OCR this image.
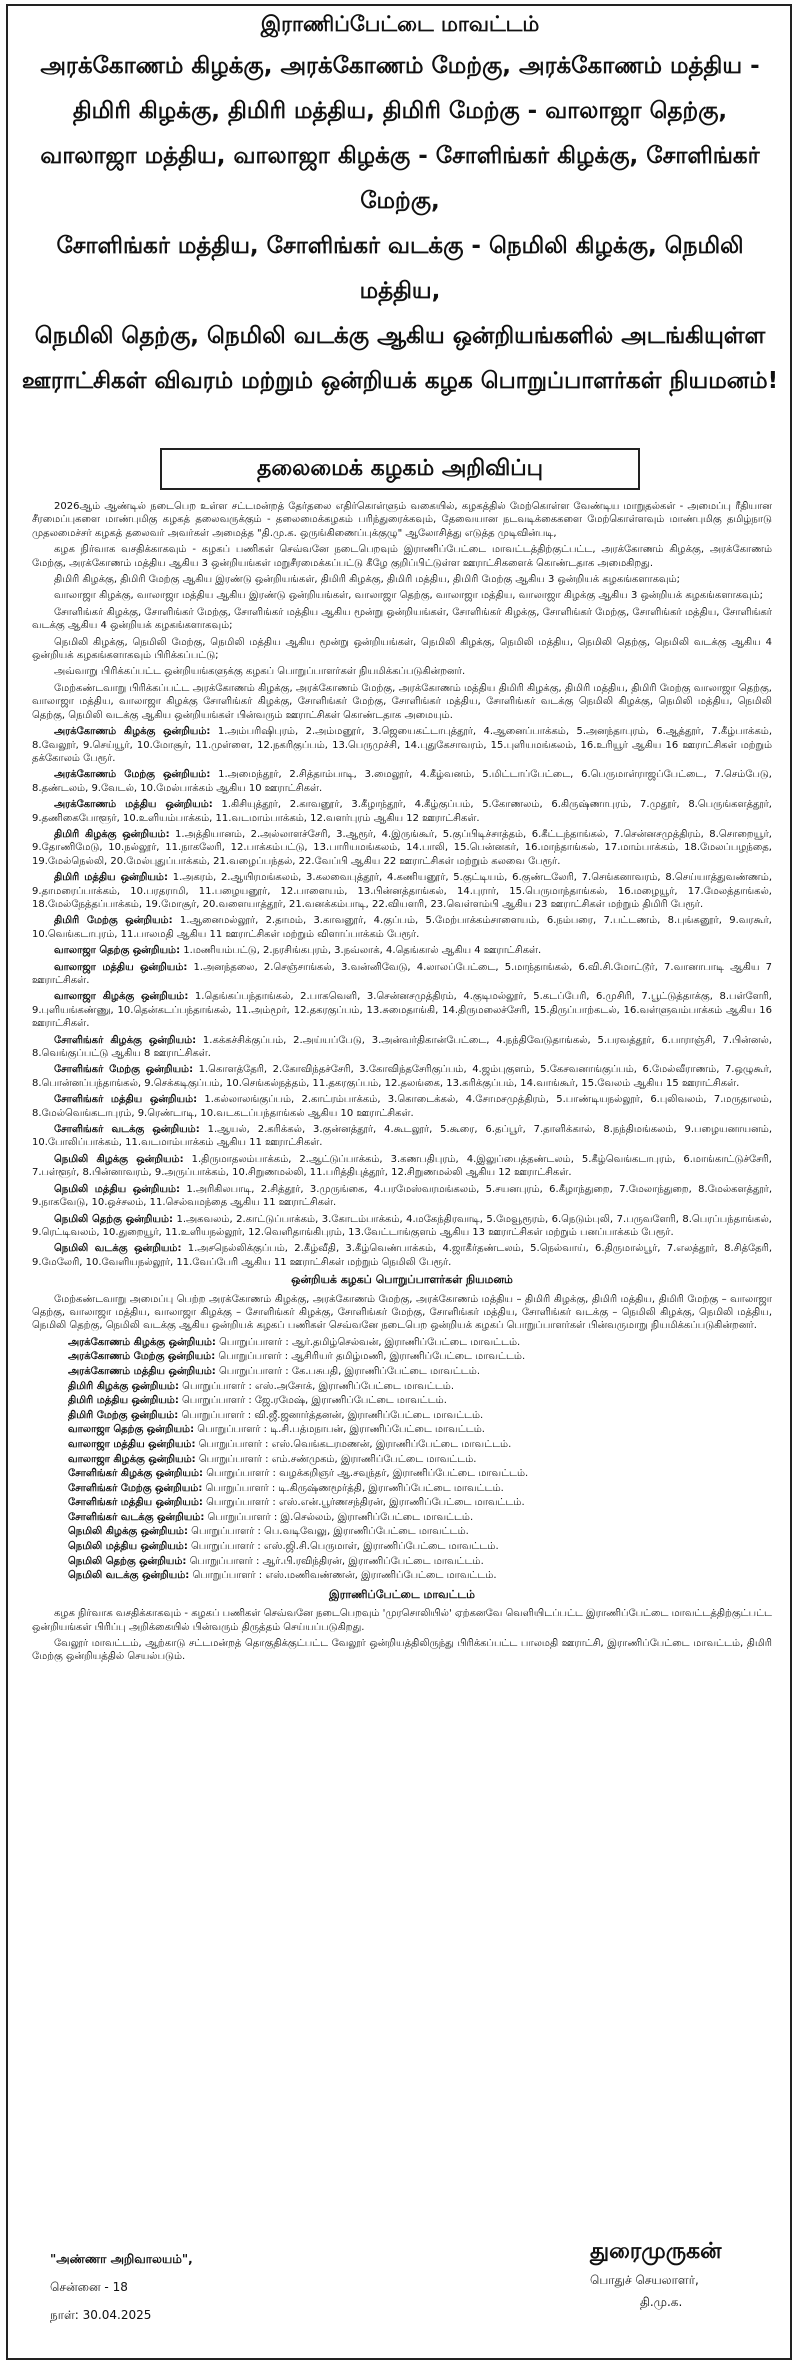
இராணிப்பேட்டை மாவட்டம்
அரக்கோணம் கிழக்கு, அரக்கோணம் மேற்கு, அரக்கோணம் மத்திய -
திமிரி கிழக்கு, திமிரி மத்திய, திமிரி மேற்கு - வாலாஜா தெற்கு,
வாலாஜா மத்திய, வாலாஜா கிழக்கு - சோளிங்கர் கிழக்கு, சோளிங்கர் மேற்கு,
சோளிங்கர் மத்திய, சோளிங்கர் வடக்கு - நெமிலி கிழக்கு, நெமிலி மத்திய,
நெமிலி தெற்கு, நெமிலி வடக்கு ஆகிய ஒன்றியங்களில் அடங்கியுள்ள
ஊராட்சிகள் விவரம் மற்றும் ஒன்றியக் கழக பொறுப்பாளர்கள் நியமனம்!
தலைமைக் கழகம் அறிவிப்பு

2026ஆம் ஆண்டில் நடைபெற உள்ள சட்டமன்றத் தேர்தலை எதிர்கொள்ளும் வகையில், கழகத்தில் மேற்கொள்ள வேண்டிய மாறுதல்கள் - அமைப்பு ரீதியான சீரமைப்புகளை மாண்புமிகு கழகத் தலைவருக்கும் - தலைமைக்கழகம் பரிந்துரைக்கவும், தேவையான நடவடிக்கைகளை மேற்கொள்ளவும் மாண்புமிகு தமிழ்நாடு முதலமைச்சர் கழகத் தலைவர் அவர்கள் அமைத்த "தி.மு.க. ஒருங்கிணைப்புக்குழு" ஆலோசித்து எடுத்த முடிவின்படி,

கழக நிர்வாக வசதிக்காகவும் - கழகப் பணிகள் செவ்வனே நடைபெறவும் இராணிப்பேட்டை மாவட்டத்திற்குட்பட்ட, அரக்கோணம் கிழக்கு, அரக்கோணம் மேற்கு, அரக்கோணம் மத்திய ஆகிய 3 ஒன்றியங்கள் மறுசீரமைக்கப்பட்டு கீழே குறிப்பிட்டுள்ள ஊராட்சிகளைக் கொண்டதாக அமைகிறது.

திமிரி கிழக்கு, திமிரி மேற்கு ஆகிய இரண்டு ஒன்றியங்கள், திமிரி கிழக்கு, திமிரி மத்திய, திமிரி மேற்கு ஆகிய 3 ஒன்றியக் கழகங்களாகவும்;

வாலாஜா கிழக்கு, வாலாஜா மத்திய ஆகிய இரண்டு ஒன்றியங்கள், வாலாஜா தெற்கு, வாலாஜா மத்திய, வாலாஜா கிழக்கு ஆகிய 3 ஒன்றியக் கழகங்களாகவும்;

சோளிங்கர் கிழக்கு, சோளிங்கர் மேற்கு, சோளிங்கர் மத்திய ஆகிய மூன்று ஒன்றியங்கள், சோளிங்கர் கிழக்கு, சோளிங்கர் மேற்கு, சோளிங்கர் மத்திய, சோளிங்கர் வடக்கு ஆகிய 4 ஒன்றியக் கழகங்களாகவும்;

நெமிலி கிழக்கு, நெமிலி மேற்கு, நெமிலி மத்திய ஆகிய மூன்று ஒன்றியங்கள், நெமிலி கிழக்கு, நெமிலி மத்திய, நெமிலி தெற்கு, நெமிலி வடக்கு ஆகிய 4 ஒன்றியக் கழகங்களாகவும் பிரிக்கப்பட்டு;

அவ்வாறு பிரிக்கப்பட்ட ஒன்றியங்களுக்கு கழகப் பொறுப்பாளர்கள் நியமிக்கப்படுகின்றனர்.

மேற்கண்டவாறு பிரிக்கப்பட்ட அரக்கோணம் கிழக்கு, அரக்கோணம் மேற்கு, அரக்கோணம் மத்திய திமிரி கிழக்கு, திமிரி மத்திய, திமிரி மேற்கு வாலாஜா தெற்கு, வாலாஜா மத்திய, வாலாஜா கிழக்கு சோளிங்கர் கிழக்கு, சோளிங்கர் மேற்கு, சோளிங்கர் மத்திய, சோளிங்கர் வடக்கு நெமிலி கிழக்கு, நெமிலி மத்திய, நெமிலி தெற்கு, நெமிலி வடக்கு ஆகிய ஒன்றியங்கள் பின்வரும் ஊராட்சிகள் கொண்டதாக அமையும்.

அரக்கோணம் கிழக்கு ஒன்றியம்: 1.அம்பரிஷிபுரம், 2.அம்மனூர், 3.ஜெயைகட்டாபுத்தூர், 4.ஆனைப்பாக்கம், 5.அனந்தாபுரம், 6.ஆத்தூர், 7.கீழ்பாக்கம், 8.வேலூர், 9.செய்யூர், 10.மோசூர், 11.முள்ளை, 12.நகரிகுப்பம், 13.பெருமுச்சி, 14.புதுகேசாவரம், 15.புளியமங்கலம், 16.உரியூர் ஆகிய 16 ஊராட்சிகள் மற்றும் தக்கோலம் பேரூர்.
அரக்கோணம் மேற்கு ஒன்றியம்: 1.அமைந்தூர், 2.சித்தாம்பாடி, 3.மைலூர், 4.கீழ்வனம், 5.மிட்டாப்பேட்டை, 6.பெருமாள்ராஜப்பேட்டை, 7.செம்பேடு, 8.தண்டலம், 9.வேடல், 10.மேல்பாக்கம் ஆகிய 10 ஊராட்சிகள்.
அரக்கோணம் மத்திய ஒன்றியம்: 1.கிசியுத்தூர், 2.காவனூர், 3.கீழாந்தூர், 4.கீழ்குப்பம், 5.கோணலம், 6.கிருஷ்ணாபுரம், 7.முதூர், 8.பெருங்களத்தூர், 9.தணிகைபோளூர், 10.உளியம்பாக்கம், 11.வடமாம்பாக்கம், 12.வளர்புரம் ஆகிய 12 ஊராட்சிகள்.
திமிரி கிழக்கு ஒன்றியம்: 1.அத்தியானம், 2.அல்லாளச்சேரி, 3.ஆரூர், 4.இருங்கூர், 5.குப்பிடிச்சாத்தம், 6.கீட்டந்தாங்கல், 7.சென்னசமுத்திரம், 8.சொறையூர், 9.தோணிமேடு, 10.நல்லூர், 11.நாகலேரி, 12.பாக்கம்பட்டு, 13.பாரியமங்கலம், 14.பாலி, 15.பென்னகர், 16.மாந்தாங்கல், 17.மாம்பாக்கம், 18.மேலப்பழந்தை, 19.மேல்நெல்லி, 20.மேல்புதுப்பாக்கம், 21.வழைப்பந்தல், 22.வேப்பி ஆகிய 22 ஊராட்சிகள் மற்றும் கலவை பேரூர்.
திமிரி மத்திய ஒன்றியம்: 1.அகரம், 2.ஆயிரமங்கலம், 3.கலவைபுத்தூர், 4.கணியனூர், 5.குட்டியம், 6.குண்டலேரி, 7.செங்கனாவரம், 8.செய்யாத்துவண்ணம், 9.தாமரைப்பாக்கம், 10.பரதராமி, 11.பழையனூர், 12.பாளையம், 13.பின்னத்தாங்கல், 14.புரார், 15.பெருமாந்தாங்கல், 16.மழையூர், 17.மேலத்தாங்கல், 18.மேல்நேத்தப்பாக்கம், 19.மோசூர், 20.வளையாத்தூர், 21.வனக்கம்பாடி, 22.வியளரி, 23.வெள்ளம்பி ஆகிய 23 ஊராட்சிகள் மற்றும் திமிரி பேரூர்.
திமிரி மேற்கு ஒன்றியம்: 1.ஆனைமல்லூர், 2.தாமம், 3.காவனூர், 4.குப்பம், 5.மேற்பாக்கம்சாளையம், 6.நம்பரை, 7.பட்டணம், 8.புங்கனூர், 9.வரகூர், 10.வெங்கடாபுரம், 11.பாலமதி ஆகிய 11 ஊராட்சிகள் மற்றும் விளாப்பாக்கம் பேரூர்.
வாலாஜா தெற்கு ஒன்றியம்: 1.மணியம்பட்டு, 2.நரசிங்கபுரம், 3.நவ்லாக், 4.தெங்கால் ஆகிய 4 ஊராட்சிகள்.
வாலாஜா மத்திய ஒன்றியம்: 1.அனந்தலை, 2.செஞ்சாங்கல், 3.வன்னிவேடு, 4.லாலப்பேட்டை, 5.மாந்தாங்கல், 6.வி.சி.மோட்டூர், 7.வானாபாடி ஆகிய 7 ஊராட்சிகள்.
வாலாஜா கிழக்கு ஒன்றியம்: 1.தெங்கப்பந்தாங்கல், 2.பாகவெளி, 3.சென்னசமுத்திரம், 4.குடிமல்லூர், 5.கடப்பேரி, 6.முசிரி, 7.பூட்டுத்தாக்கு, 8.பள்ளேரி, 9.புளியங்கண்ணு, 10.தென்கடப்பந்தாங்கல், 11.அம்மூர், 12.தகரகுப்பம், 13.சுமைதாங்கி, 14.திருமலைச்சேரி, 15.திருப்பாற்கடல், 16.வள்ளுவம்பாக்கம் ஆகிய 16 ஊராட்சிகள்.
சோளிங்கர் கிழக்கு ஒன்றியம்: 1.கக்கச்சிக்குப்பம், 2.அய்யப்பேடு, 3.அன்வர்திகான்பேட்டை, 4.நந்திவேடுதாங்கல், 5.பரவத்தூர், 6.பாராஞ்சி, 7.பின்னல், 8.வெங்குப்பட்டு ஆகிய 8 ஊராட்சிகள்.
சோளிங்கர் மேற்கு ஒன்றியம்: 1.கொளத்தேரி, 2.கோவிந்தச்சேரி, 3.கோவிந்தசேரிகுப்பம், 4.ஜம்புகுளம், 5.கேசவனாங்குப்பம், 6.மேல்வீராணம், 7.ஒழுகூர், 8.பொன்னப்பந்தாங்கல், 9.செக்கடிகுப்பம், 10.செங்கல்நத்தம், 11.தகரகுப்பம், 12.தலங்கை, 13.கரிக்குப்பம், 14.வாங்கூர், 15.வேலம் ஆகிய 15 ஊராட்சிகள்.
சோளிங்கர் மத்திய ஒன்றியம்: 1.கல்லாலங்குப்பம், 2.காட்ரம்பாக்கம், 3.கொடைக்கல், 4.சோமசமுத்திரம், 5.பாண்டியநல்லூர், 6.புலிவலம், 7.மருதாலம், 8.மேல்வெங்கடாபுரம், 9.ரெண்டாடி, 10.வடகடப்பந்தாங்கல் ஆகிய 10 ஊராட்சிகள்.
சோளிங்கர் வடக்கு ஒன்றியம்: 1.ஆயல், 2.கரிக்கல், 3.குன்னத்தூர், 4.கூடலூர், 5.கூரை, 6.தப்பூர், 7.தாளிக்கால், 8.நந்திமங்கலம், 9.பழையனாயனம், 10.போலிப்பாக்கம், 11.வடமாம்பாக்கம் ஆகிய 11 ஊராட்சிகள்.
நெமிலி கிழக்கு ஒன்றியம்: 1.திருமாதலம்பாக்கம், 2.ஆட்டுப்பாக்கம், 3.கணபதிபுரம், 4.இலுப்பைத்தண்டலம், 5.கீழ்வெங்கடாபுரம், 6.மாங்காட்டுச்சேரி, 7.பள்ளூர், 8.பின்னாவரம், 9.அருப்பாக்கம், 10.சிறுணமல்லி, 11.பரித்திபுத்தூர், 12.சிறுணமல்லி ஆகிய 12 ஊராட்சிகள்.
நெமிலி மத்திய ஒன்றியம்: 1.அரிகிலபாடி, 2.சித்தூர், 3.முருங்கை, 4.பரமேஸ்வரமங்கலம், 5.சயனபுரம், 6.கீழாந்துறை, 7.மேலாந்துறை, 8.மேல்களத்தூர், 9.நாகவேடு, 10.ஒச்சலம், 11.செல்வமந்தை ஆகிய 11 ஊராட்சிகள்.
நெமிலி தெற்கு ஒன்றியம்: 1.அகவலம், 2.காட்டுப்பாக்கம், 3.கோடம்பாக்கம், 4.மகேந்திரவாடி, 5.மேவூரூரம், 6.நெடும்புலி, 7.பருவளேரி, 8.பெரப்பந்தாங்கல், 9.ரெட்டிவலம், 10.துறையூர், 11.உளியநல்லூர், 12.வெளிதாங்கிபுரம், 13.வேட்டாங்குளம் ஆகிய 13 ஊராட்சிகள் மற்றும் பனப்பாக்கம் பேரூர்.
நெமிலி வடக்கு ஒன்றியம்: 1.அசநெல்லிக்குப்பம், 2.கீழ்வீதி, 3.கீழ்வெண்பாக்கம், 4.ஜாகீர்தண்டலம், 5.நெல்வாய், 6.திருமால்பூர், 7.எலத்தூர், 8.சித்தேரி, 9.மேலேரி, 10.வேளியநல்லூர், 11.வேப்பேரி ஆகிய 11 ஊராட்சிகள் மற்றும் நெமிலி பேரூர்.
ஒன்றியக் கழகப் பொறுப்பாளர்கள் நியமனம்

மேற்கண்டவாறு அமைப்பு பெற்ற அரக்கோணம் கிழக்கு, அரக்கோணம் மேற்கு, அரக்கோணம் மத்திய – திமிரி கிழக்கு, திமிரி மத்திய, திமிரி மேற்கு – வாலாஜா தெற்கு, வாலாஜா மத்திய, வாலாஜா கிழக்கு – சோளிங்கர் கிழக்கு, சோளிங்கர் மேற்கு, சோளிங்கர் மத்திய, சோளிங்கர் வடக்கு – நெமிலி கிழக்கு, நெமிலி மத்திய, நெமிலி தெற்கு, நெமிலி வடக்கு ஆகிய ஒன்றியக் கழகப் பணிகள் செவ்வனே நடைபெற ஒன்றியக் கழகப் பொறுப்பாளர்கள் பின்வருமாறு நியமிக்கப்படுகின்றனர்.

அரக்கோணம் கிழக்கு ஒன்றியம்: பொறுப்பாளர் : ஆர்.தமிழ்செல்வன், இராணிப்பேட்டை மாவட்டம்.
அரக்கோணம் மேற்கு ஒன்றியம்: பொறுப்பாளர் : ஆசிரியர் தமிழ்மணி, இராணிப்பேட்டை மாவட்டம்.
அரக்கோணம் மத்திய ஒன்றியம்: பொறுப்பாளர் : கே.பசுபதி, இராணிப்பேட்டை மாவட்டம்.
திமிரி கிழக்கு ஒன்றியம்: பொறுப்பாளர் : எஸ்.அசோக், இராணிப்பேட்டை மாவட்டம்.
திமிரி மத்திய ஒன்றியம்: பொறுப்பாளர் : ஜே.ரமேஷ், இராணிப்பேட்டை மாவட்டம்.
திமிரி மேற்கு ஒன்றியம்: பொறுப்பாளர் : வி.ஜீ.ஜனார்த்தனன், இராணிப்பேட்டை மாவட்டம்.
வாலாஜா தெற்கு ஒன்றியம்: பொறுப்பாளர் : டி.சி.பத்மநாபன், இராணிப்பேட்டை மாவட்டம்.
வாலாஜா மத்திய ஒன்றியம்: பொறுப்பாளர் : எஸ்.வெங்கடரமணன், இராணிப்பேட்டை மாவட்டம்.
வாலாஜா கிழக்கு ஒன்றியம்: பொறுப்பாளர் : எம்.சண்முகம், இராணிப்பேட்டை மாவட்டம்.
சோளிங்கர் கிழக்கு ஒன்றியம்: பொறுப்பாளர் : வழக்கறிஞர் ஆ.சவுந்தர், இராணிப்பேட்டை மாவட்டம்.
சோளிங்கர் மேற்கு ஒன்றியம்: பொறுப்பாளர் : டி.கிருஷ்ணமூர்த்தி, இராணிப்பேட்டை மாவட்டம்.
சோளிங்கர் மத்திய ஒன்றியம்: பொறுப்பாளர் : எஸ்.என்.பூர்ணசந்திரன், இராணிப்பேட்டை மாவட்டம்.
சோளிங்கர் வடக்கு ஒன்றியம்: பொறுப்பாளர் : இ.செல்லம், இராணிப்பேட்டை மாவட்டம்.
நெமிலி கிழக்கு ஒன்றியம்: பொறுப்பாளர் : பெ.வடிவேலு, இராணிப்பேட்டை மாவட்டம்.
நெமிலி மத்திய ஒன்றியம்: பொறுப்பாளர் : எஸ்.ஜி.சி.பெருமாள், இராணிப்பேட்டை மாவட்டம்.
நெமிலி தெற்கு ஒன்றியம்: பொறுப்பாளர் : ஆர்.பி.ரவிந்திரன், இராணிப்பேட்டை மாவட்டம்.
நெமிலி வடக்கு ஒன்றியம்: பொறுப்பாளர் : எஸ்.மணிவண்ணன், இராணிப்பேட்டை மாவட்டம்.
இராணிப்பேட்டை மாவட்டம்

கழக நிர்வாக வசதிக்காகவும் - கழகப் பணிகள் செவ்வனே நடைபெறவும் 'முரசொலியில்' ஏற்கனவே வெளியிடப்பட்ட இராணிப்பேட்டை மாவட்டத்திற்குட்பட்ட ஒன்றியங்கள் பிரிப்பு அறிக்கையில் பின்வரும் திருத்தம் செய்யப்படுகிறது.

வேலூர் மாவட்டம், ஆற்காடு சட்டமன்றத் தொகுதிக்குட்பட்ட வேலூர் ஒன்றியத்திலிருந்து பிரிக்கப்பட்ட பாலமதி ஊராட்சி, இராணிப்பேட்டை மாவட்டம், திமிரி மேற்கு ஒன்றியத்தில் செயல்படும்.

"அண்ணா அறிவாலயம்",
சென்னை - 18
நாள்: 30.04.2025
துரைமுருகன்
பொதுச் செயலாளர்,
தி.மு.க.
